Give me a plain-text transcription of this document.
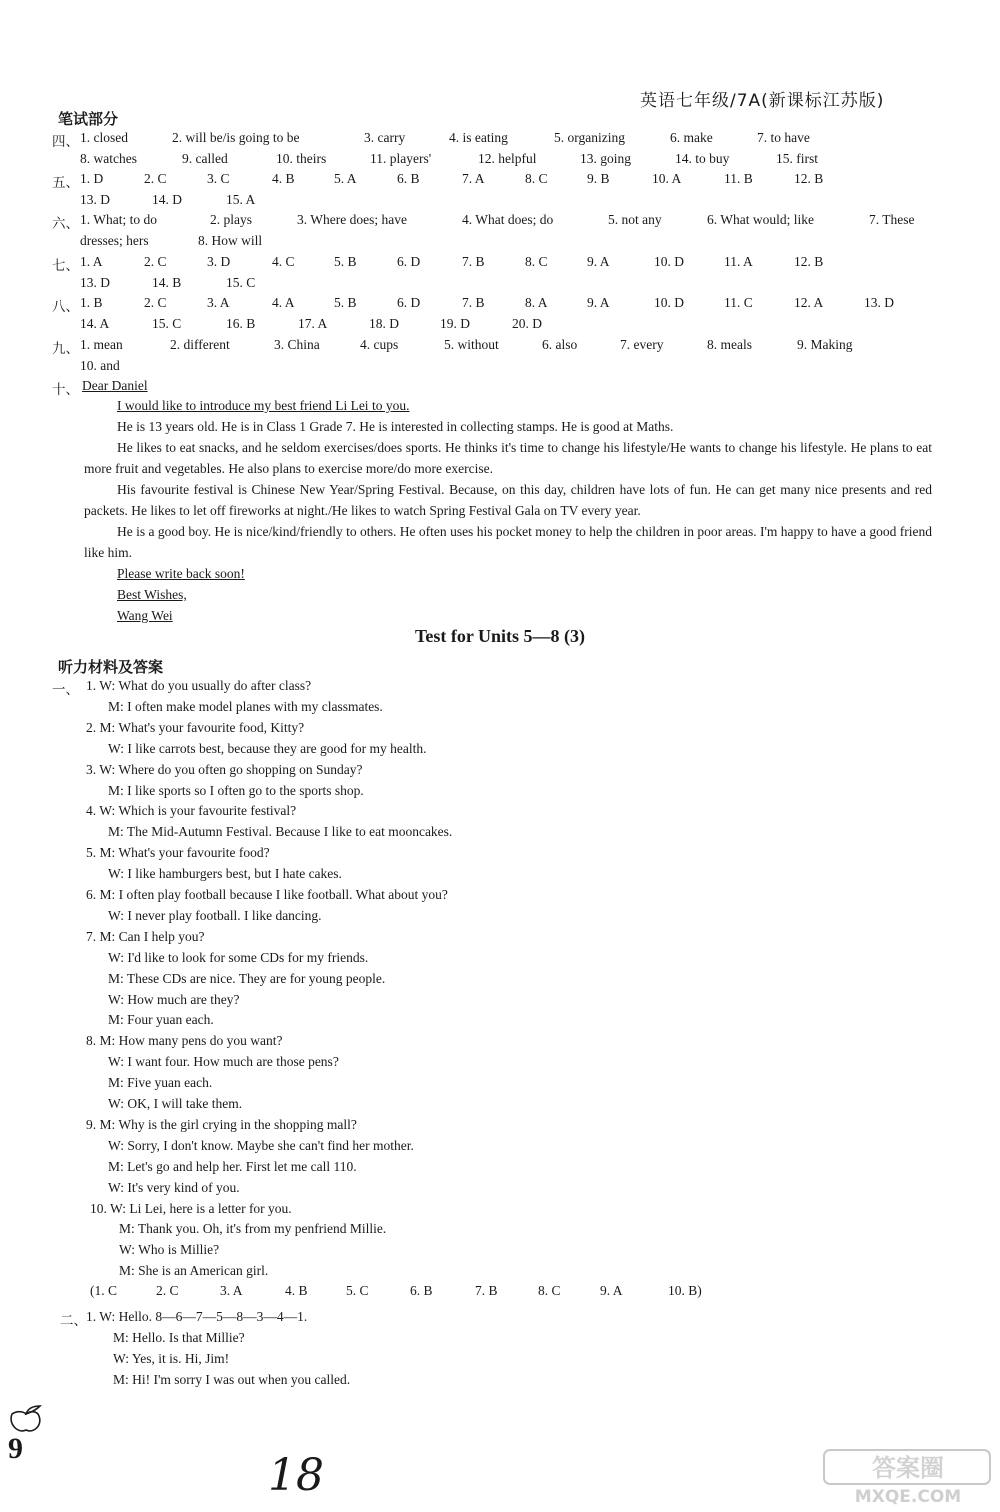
英语七年级/7A(新课标江苏版)
笔试部分
四、 1. closed	2. will be/is going to be	3. carry	4. is eating	5. organizing	6. make	7. to have
8. watches	9. called	10. theirs	11. players'	12. helpful	13. going	14. to buy	15. first
五、 1. D	2. C	3. C	4. B	5. A	6. B	7. A	8. C	9. B	10. A	11. B	12. B
13. D	14. D	15. A
六、 1. What; to do	2. plays	3. Where does; have	4. What does; do	5. not any	6. What would; like	7. These
dresses; hers	8. How will
七、 1. A	2. C	3. D	4. C	5. B	6. D	7. B	8. C	9. A	10. D	11. A	12. B
13. D	14. B	15. C
八、 1. B	2. C	3. A	4. A	5. B	6. D	7. B	8. A	9. A	10. D	11. C	12. A	13. D
14. A	15. C	16. B	17. A	18. D	19. D	20. D
九、 1. mean	2. different	3. China	4. cups	5. without	6. also	7. every	8. meals	9. Making
10. and
十、 Dear Daniel
I would like to introduce my best friend Li Lei to you.
He is 13 years old. He is in Class 1 Grade 7. He is interested in collecting stamps. He is good at Maths.
He likes to eat snacks, and he seldom exercises/does sports. He thinks it's time to change his lifestyle/He wants to change his lifestyle. He plans to eat more fruit and vegetables. He also plans to exercise more/do more exercise.
His favourite festival is Chinese New Year/Spring Festival. Because, on this day, children have lots of fun. He can get many nice presents and red packets. He likes to let off fireworks at night./He likes to watch Spring Festival Gala on TV every year.
He is a good boy. He is nice/kind/friendly to others. He often uses his pocket money to help the children in poor areas. I'm happy to have a good friend like him.
Please write back soon!
Best Wishes,
Wang Wei
Test for Units 5—8 (3)
听力材料及答案
一、 1. W: What do you usually do after class?
M: I often make model planes with my classmates.
2. M: What's your favourite food, Kitty?
W: I like carrots best, because they are good for my health.
3. W: Where do you often go shopping on Sunday?
M: I like sports so I often go to the sports shop.
4. W: Which is your favourite festival?
M: The Mid-Autumn Festival. Because I like to eat mooncakes.
5. M: What's your favourite food?
W: I like hamburgers best, but I hate cakes.
6. M: I often play football because I like football. What about you?
W: I never play football. I like dancing.
7. M: Can I help you?
W: I'd like to look for some CDs for my friends.
M: These CDs are nice. They are for young people.
W: How much are they?
M: Four yuan each.
8. M: How many pens do you want?
W: I want four. How much are those pens?
M: Five yuan each.
W: OK, I will take them.
9. M: Why is the girl crying in the shopping mall?
W: Sorry, I don't know. Maybe she can't find her mother.
M: Let's go and help her. First let me call 110.
W: It's very kind of you.
10. W: Li Lei, here is a letter for you.
M: Thank you. Oh, it's from my penfriend Millie.
W: Who is Millie?
M: She is an American girl.
(1. C	2. C	3. A	4. B	5. C	6. B	7. B	8. C	9. A	10. B)
二、 1. W: Hello. 8—6—7—5—8—3—4—1.
M: Hello. Is that Millie?
W: Yes, it is. Hi, Jim!
M: Hi! I'm sorry I was out when you called.
9
18	答案圈
MXQE.COM
